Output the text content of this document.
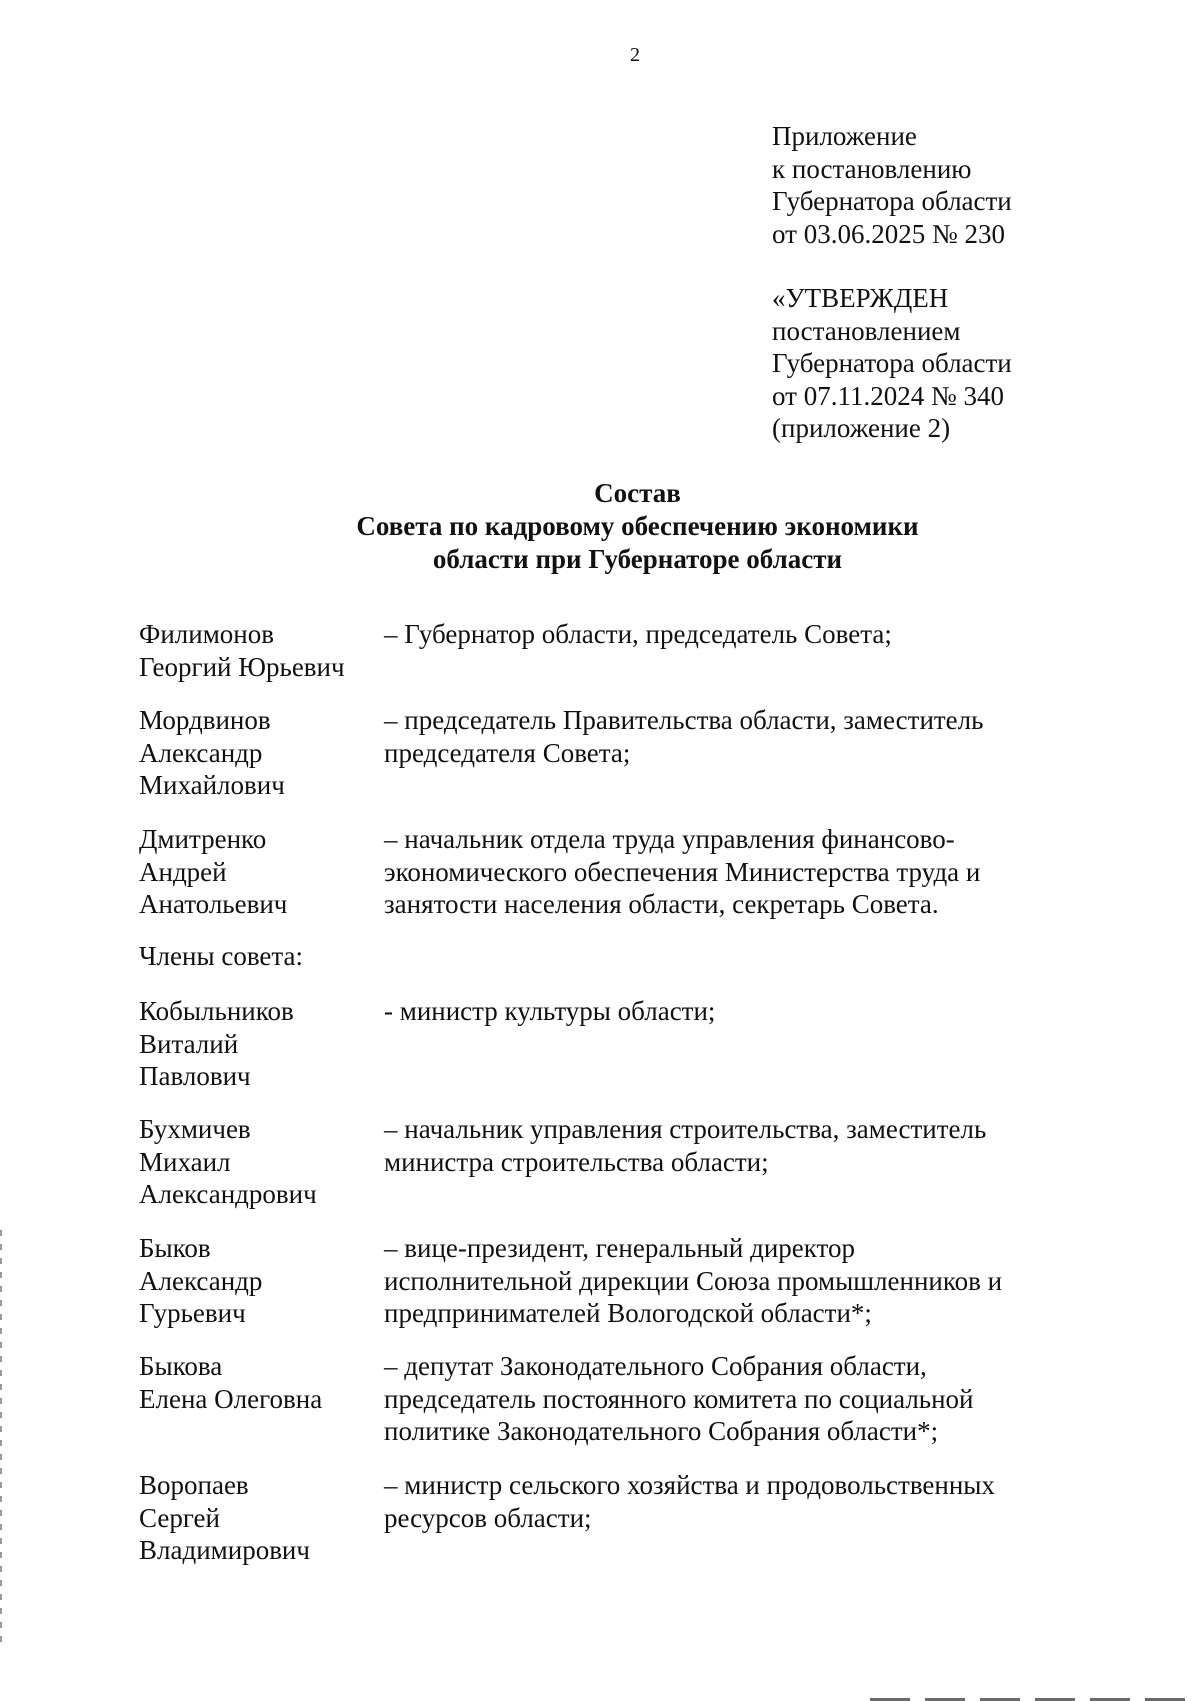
2
Приложение
к постановлению
Губернатора области
от 03.06.2025 № 230
«УТВЕРЖДЕН
постановлением
Губернатора области
от 07.11.2024 № 340
(приложение 2)
Состав
Совета по кадровому обеспечению экономики
области при Губернаторе области
Филимонов
Георгий Юрьевич
– Губернатор области, председатель Совета;
Мордвинов
Александр
Михайлович
– председатель Правительства области, заместитель
председателя Совета;
Дмитренко
Андрей
Анатольевич
– начальник отдела труда управления финансово-
экономического обеспечения Министерства труда и
занятости населения области, секретарь Совета.
Кобыльников
Виталий
Павлович
- министр культуры области;
Бухмичев
Михаил
Александрович
– начальник управления строительства, заместитель
министра строительства области;
Быков
Александр
Гурьевич
– вице-президент, генеральный директор
исполнительной дирекции Союза промышленников и
предпринимателей Вологодской области*;
Быкова
Елена Олеговна
– депутат Законодательного Собрания области,
председатель постоянного комитета по социальной
политике Законодательного Собрания области*;
Воропаев
Сергей
Владимирович
– министр сельского хозяйства и продовольственных
ресурсов области;
Члены совета:
